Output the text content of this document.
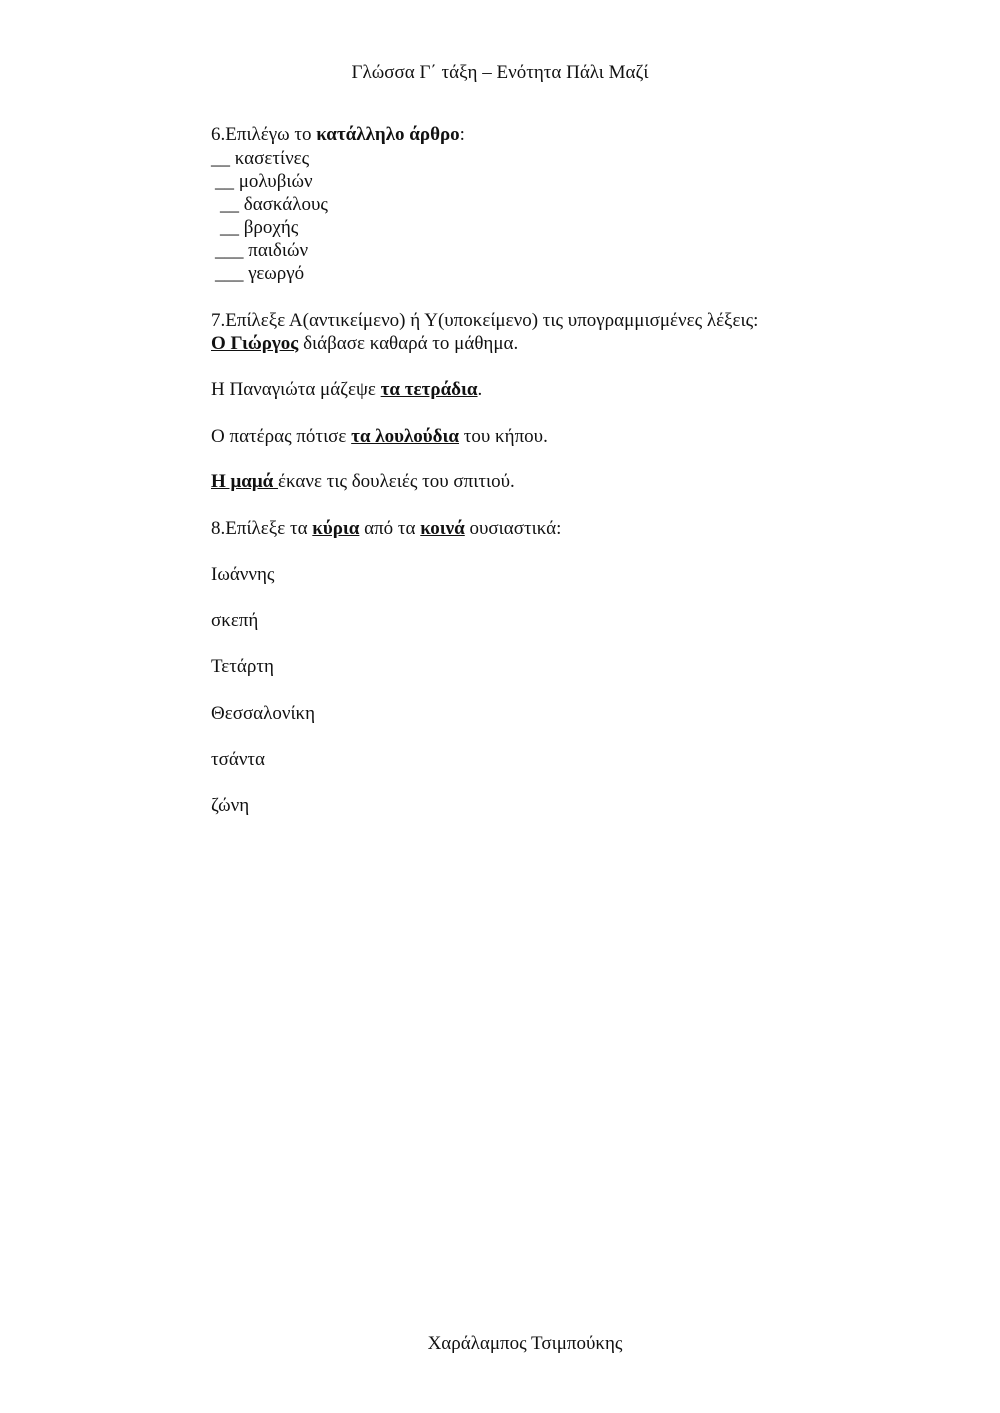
Γλώσσα Γ΄ τάξη – Ενότητα Πάλι Μαζί
6.Επιλέγω το κατάλληλο άρθρο:
__ κασετίνες
__ μολυβιών
__ δασκάλους
__ βροχής
___ παιδιών
___ γεωργό
7.Επίλεξε Α(αντικείμενο) ή Υ(υποκείμενο) τις υπογραμμισμένες λέξεις:
Ο Γιώργος διάβασε καθαρά το μάθημα.
Η Παναγιώτα μάζεψε τα τετράδια.
Ο πατέρας πότισε τα λουλούδια του κήπου.
Η μαμά έκανε τις δουλειές του σπιτιού.
8.Επίλεξε τα κύρια από τα κοινά ουσιαστικά:
Ιωάννης
σκεπή
Τετάρτη
Θεσσαλονίκη
τσάντα
ζώνη
Χαράλαμπος Τσιμπούκης
